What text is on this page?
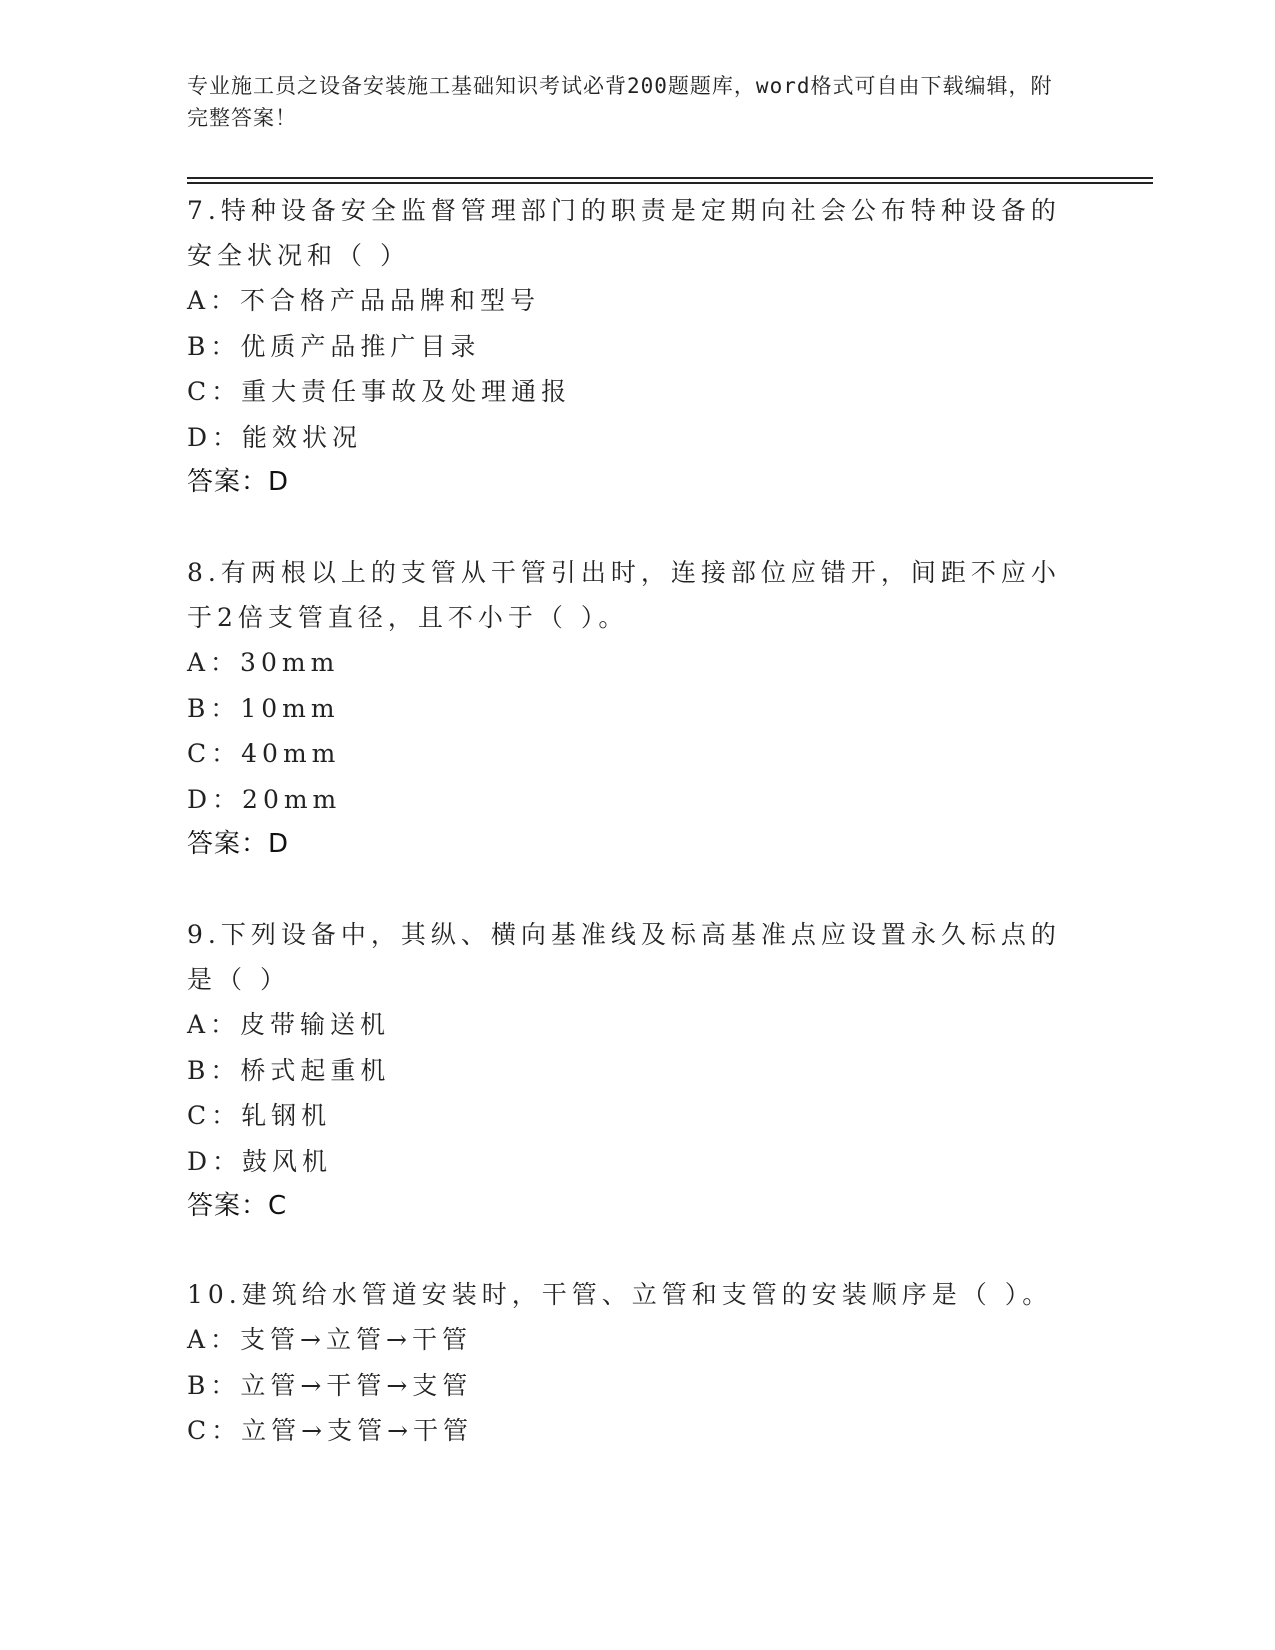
专业施工员之设备安装施工基础知识考试必背200题题库，word格式可自由下载编辑，附完整答案！

7.特种设备安全监督管理部门的职责是定期向社会公布特种设备的安全状况和（ ）

A：不合格产品品牌和型号

B：优质产品推广目录

C：重大责任事故及处理通报

D：能效状况

答案：D

8.有两根以上的支管从干管引出时，连接部位应错开，间距不应小于2倍支管直径，且不小于（ ）。

A：30mm

B：10mm

C：40mm

D：20mm

答案：D

9.下列设备中，其纵、横向基准线及标高基准点应设置永久标点的是（ ）

A：皮带输送机

B：桥式起重机

C：轧钢机

D：鼓风机

答案：C

10.建筑给水管道安装时，干管、立管和支管的安装顺序是（ ）。

A：支管→立管→干管

B：立管→干管→支管

C：立管→支管→干管
